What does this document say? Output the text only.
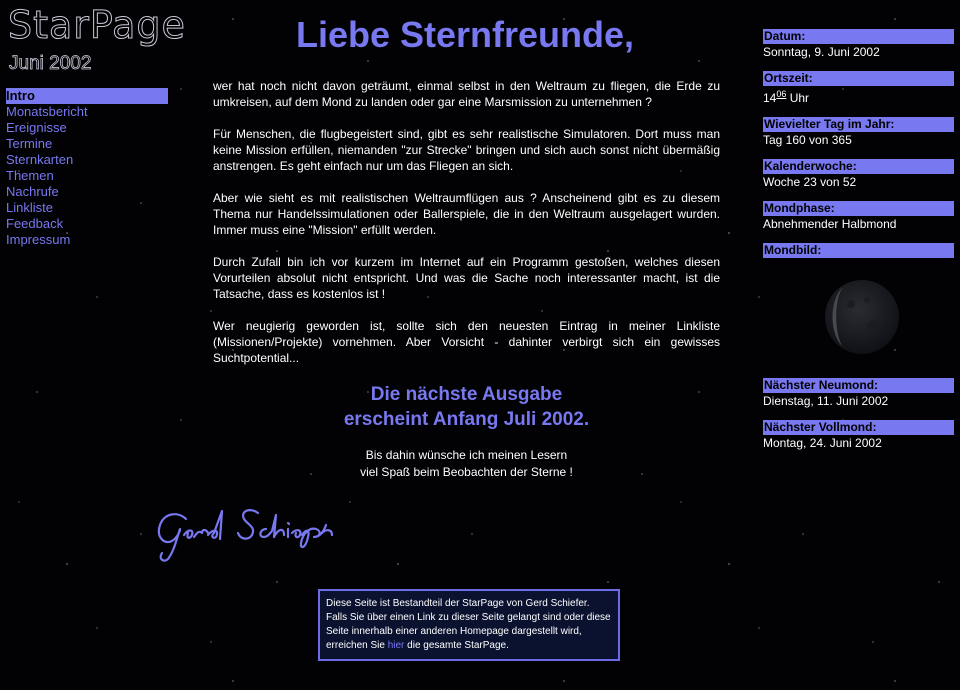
StarPage
Juni 2002
Intro
Monatsbericht
Ereignisse
Termine
Sternkarten
Themen
Nachrufe
Linkliste
Feedback
Impressum
Liebe Sternfreunde,

wer hat noch nicht davon geträumt, einmal selbst in den Weltraum zu fliegen, die Erde zu umkreisen, auf dem Mond zu landen oder gar eine Marsmission zu unternehmen ?

Für Menschen, die flugbegeistert sind, gibt es sehr realistische Simulatoren. Dort muss man keine Mission erfüllen, niemanden "zur Strecke" bringen und sich auch sonst nicht übermäßig anstrengen. Es geht einfach nur um das Fliegen an sich.

Aber wie sieht es mit realistischen Weltraumflügen aus ? Anscheinend gibt es zu diesem Thema nur Handelssimulationen oder Ballerspiele, die in den Weltraum ausgelagert wurden. Immer muss eine "Mission" erfüllt werden.

Durch Zufall bin ich vor kurzem im Internet auf ein Programm gestoßen, welches diesen Vorurteilen absolut nicht entspricht. Und was die Sache noch interessanter macht, ist die Tatsache, dass es kostenlos ist !

Wer neugierig geworden ist, sollte sich den neuesten Eintrag in meiner Linkliste (Missionen/Projekte) vornehmen. Aber Vorsicht - dahinter verbirgt sich ein gewisses Suchtpotential...

Die nächste Ausgabe
erscheint Anfang Juli 2002.
Bis dahin wünsche ich meinen Lesern
viel Spaß beim Beobachten der Sterne !
Diese Seite ist Bestandteil der StarPage von Gerd Schiefer. Falls Sie über einen Link zu dieser Seite gelangt sind oder diese Seite innerhalb einer anderen Homepage dargestellt wird, erreichen Sie hier die gesamte StarPage.
Datum:
Sonntag, 9. Juni 2002
Ortszeit:
$14^{06}$ Uhr
Wievielter Tag im Jahr:
Tag 160 von 365
Kalenderwoche:
Woche 23 von 52
Mondphase:
Abnehmender Halbmond
Mondbild:
Nächster Neumond:
Dienstag, 11. Juni 2002
Nächster Vollmond:
Montag, 24. Juni 2002
